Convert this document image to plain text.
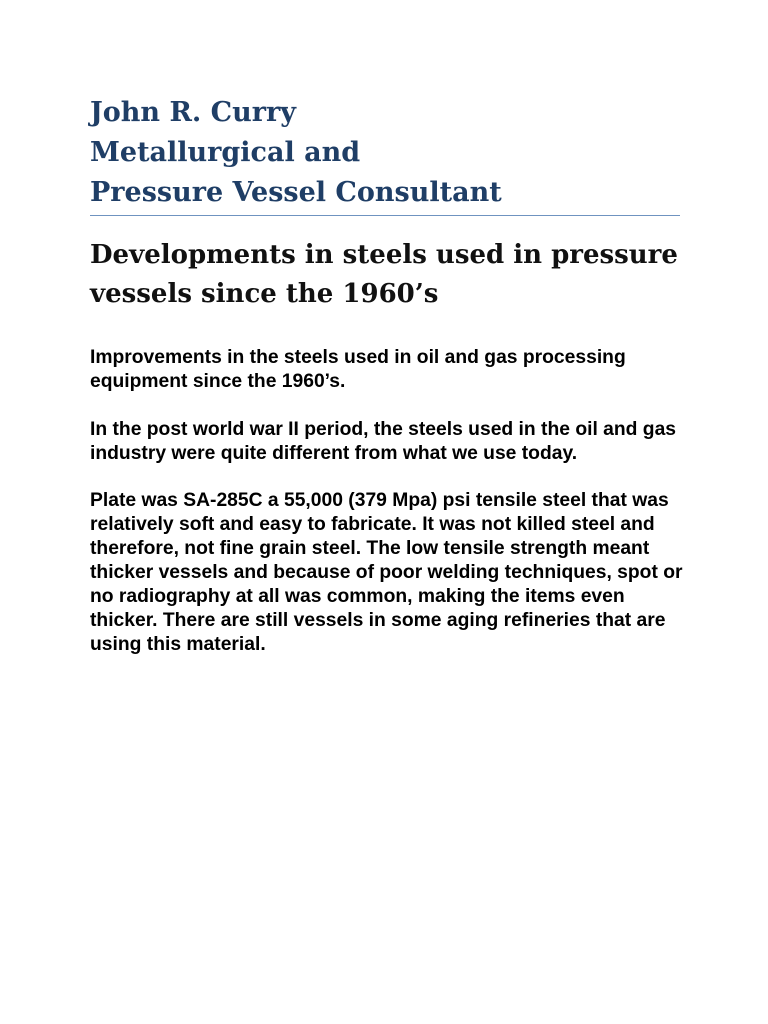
John R. Curry

Metallurgical and

Pressure Vessel Consultant

Developments in steels used in pressure vessels since the 1960’s

Improvements in the steels used in oil and gas processing equipment since the 1960’s.

In the post world war II period, the steels used in the oil and gas industry were quite different from what we use today.

Plate was SA-285C a 55,000 (379 Mpa) psi tensile steel that was relatively soft and easy to fabricate. It was not killed steel and therefore, not fine grain steel. The low tensile strength meant thicker vessels and because of poor welding techniques, spot or no radiography at all was common, making the items even thicker. There are still vessels in some aging refineries that are using this material.
